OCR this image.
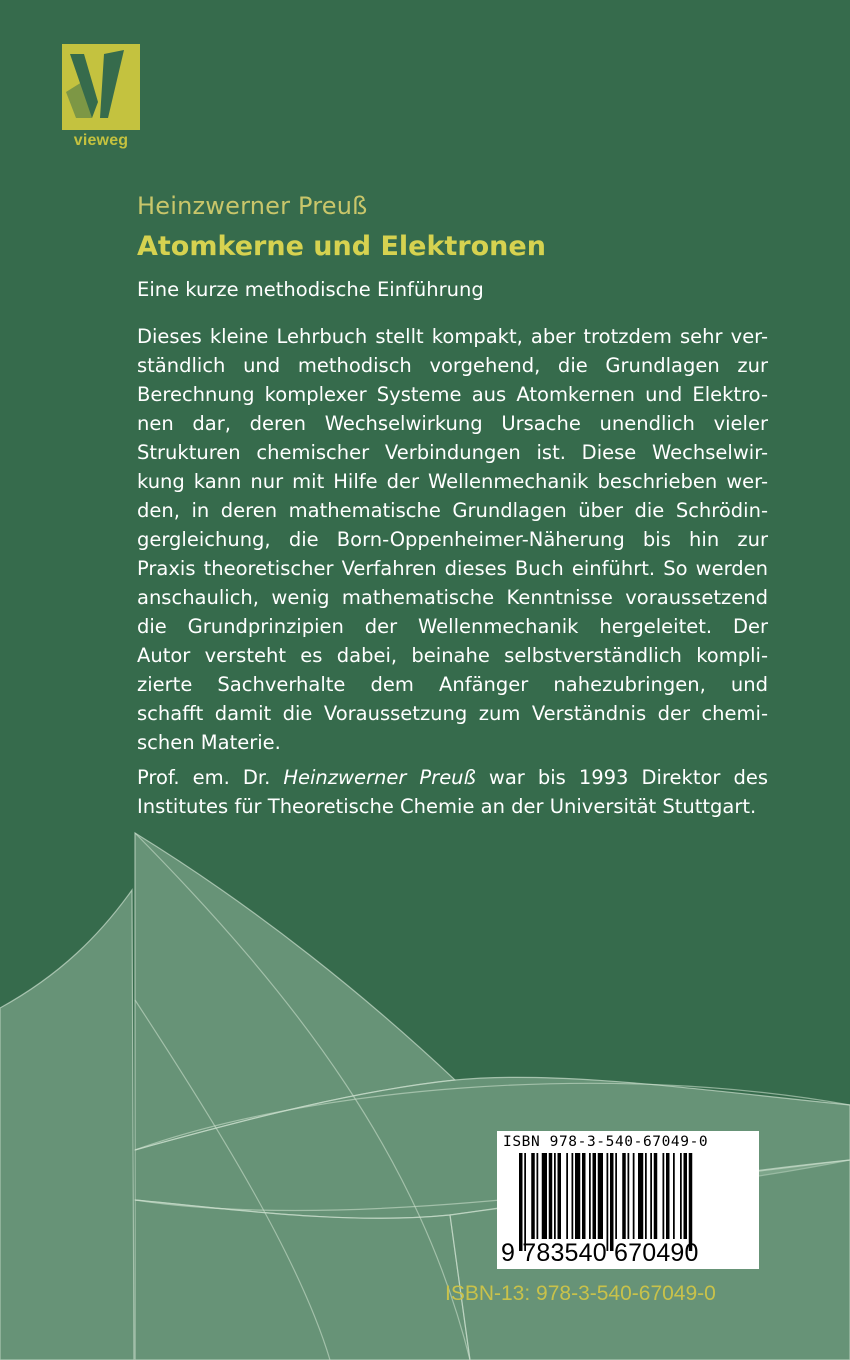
vieweg
Heinzwerner Preuß
Atomkerne und Elektronen
Eine kurze methodische Einführung
Dieses kleine Lehrbuch stellt kompakt, aber trotzdem sehr ver-
ständlich und methodisch vorgehend, die Grundlagen zur
Berechnung komplexer Systeme aus Atomkernen und Elektro-
nen dar, deren Wechselwirkung Ursache unendlich vieler
Strukturen chemischer Verbindungen ist. Diese Wechselwir-
kung kann nur mit Hilfe der Wellenmechanik beschrieben wer-
den, in deren mathematische Grundlagen über die Schrödin-
gergleichung, die Born-Oppenheimer-Näherung bis hin zur
Praxis theoretischer Verfahren dieses Buch einführt. So werden
anschaulich, wenig mathematische Kenntnisse voraussetzend
die Grundprinzipien der Wellenmechanik hergeleitet. Der
Autor versteht es dabei, beinahe selbstverständlich kompli-
zierte Sachverhalte dem Anfänger nahezubringen, und
schafft damit die Voraussetzung zum Verständnis der chemi-
schen Materie.
Prof. em. Dr. Heinzwerner Preuß war bis 1993 Direktor des
Institutes für Theoretische Chemie an der Universität Stuttgart.
ISBN 978-3-540-67049-0
9 783540 670490
ISBN-13: 978-3-540-67049-0
